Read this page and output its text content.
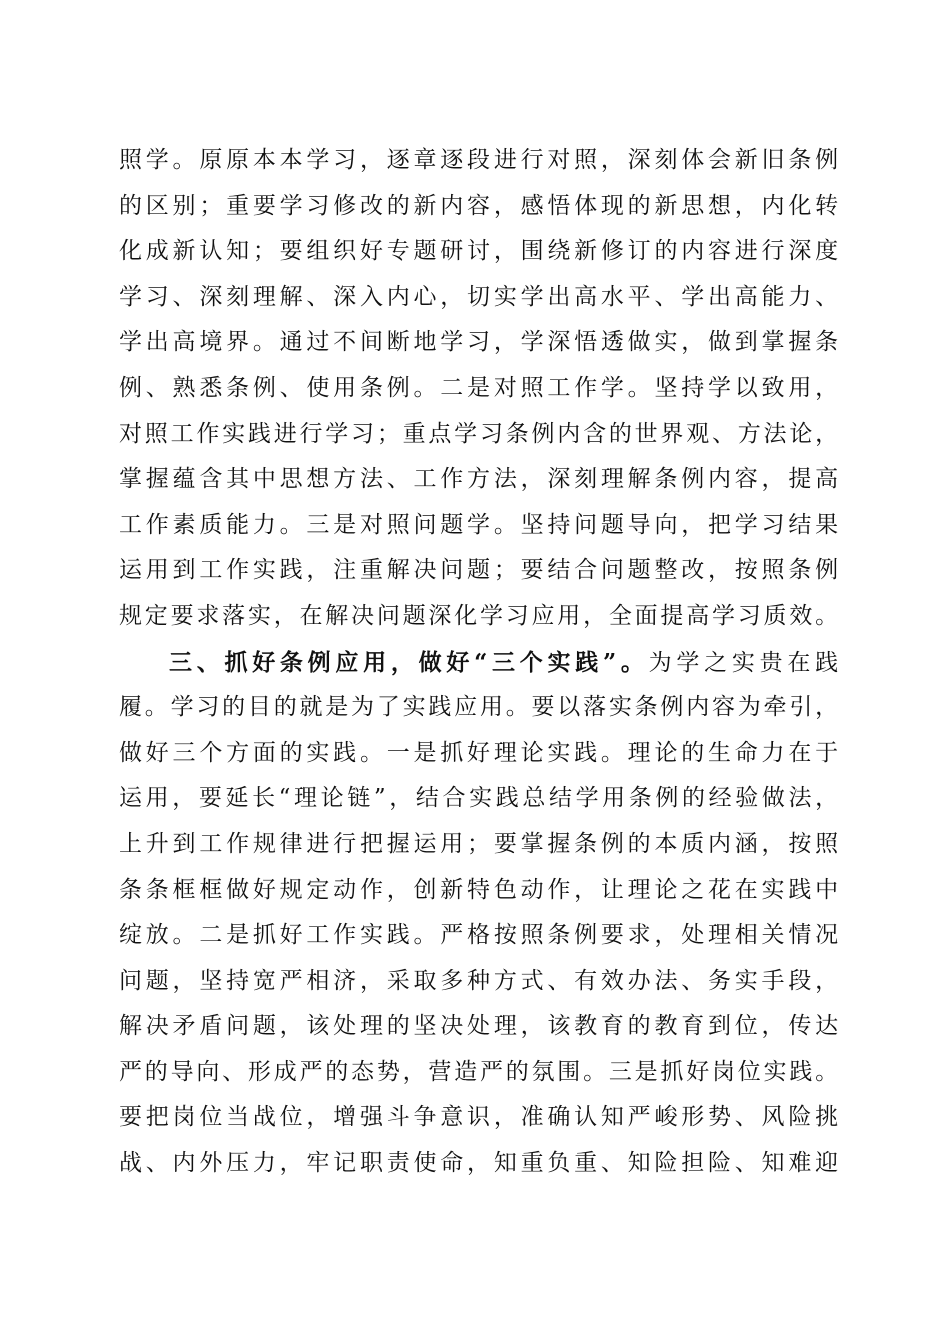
照学。原原本本学习，逐章逐段进行对照，深刻体会新旧条例
的区别；重要学习修改的新内容，感悟体现的新思想，内化转
化成新认知；要组织好专题研讨，围绕新修订的内容进行深度
学习、深刻理解、深入内心，切实学出高水平、学出高能力、
学出高境界。通过不间断地学习，学深悟透做实，做到掌握条
例、熟悉条例、使用条例。二是对照工作学。坚持学以致用，
对照工作实践进行学习；重点学习条例内含的世界观、方法论，
掌握蕴含其中思想方法、工作方法，深刻理解条例内容，提高
工作素质能力。三是对照问题学。坚持问题导向，把学习结果
运用到工作实践，注重解决问题；要结合问题整改，按照条例
规定要求落实，在解决问题深化学习应用，全面提高学习质效。
三、抓好条例应用，做好“三个实践”。为学之实贵在践
履。学习的目的就是为了实践应用。要以落实条例内容为牵引，
做好三个方面的实践。一是抓好理论实践。理论的生命力在于
运用，要延长“理论链”，结合实践总结学用条例的经验做法，
上升到工作规律进行把握运用；要掌握条例的本质内涵，按照
条条框框做好规定动作，创新特色动作，让理论之花在实践中
绽放。二是抓好工作实践。严格按照条例要求，处理相关情况
问题，坚持宽严相济，采取多种方式、有效办法、务实手段，
解决矛盾问题，该处理的坚决处理，该教育的教育到位，传达
严的导向、形成严的态势，营造严的氛围。三是抓好岗位实践。
要把岗位当战位，增强斗争意识，准确认知严峻形势、风险挑
战、内外压力，牢记职责使命，知重负重、知险担险、知难迎
